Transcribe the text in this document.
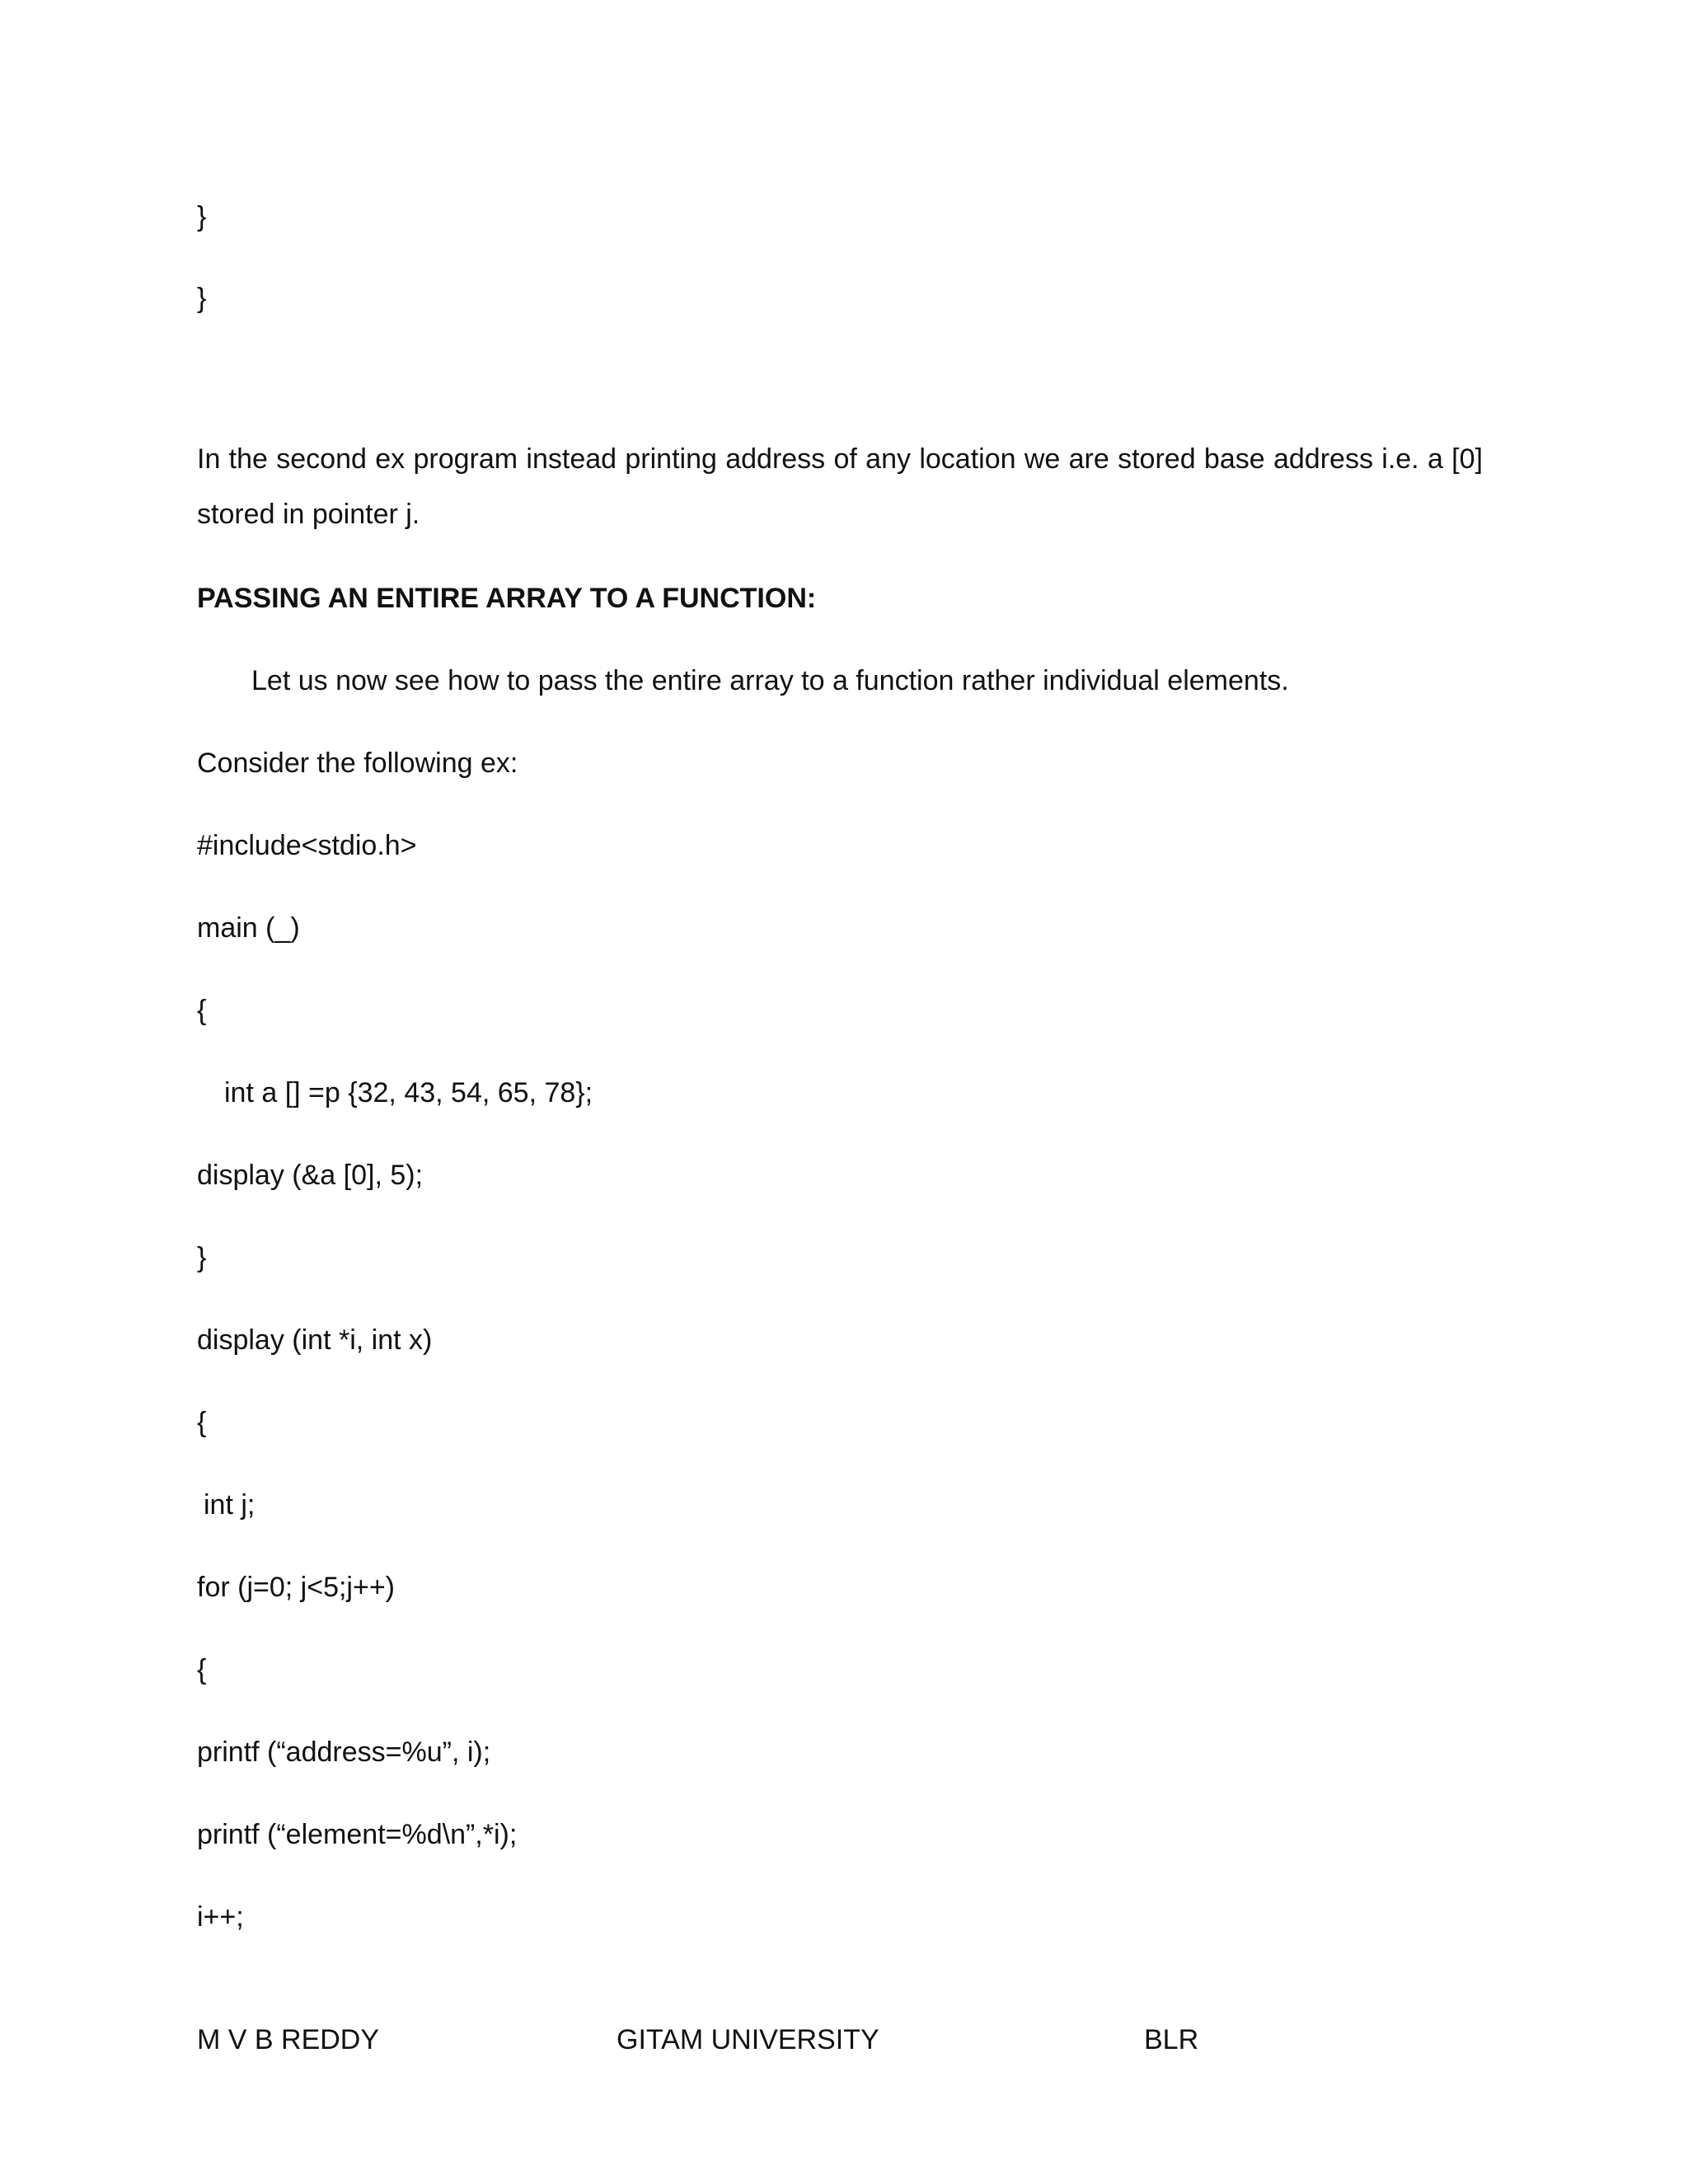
}

}

In the second ex program instead printing address of any location we are stored base address i.e. a [0] stored in pointer j.

PASSING AN ENTIRE ARRAY TO A FUNCTION:

Let us now see how to pass the entire array to a function rather individual elements.

Consider the following ex:

#include<stdio.h>

main (_)

{

int a [] =p {32, 43, 54, 65, 78};

display (&a [0], 5);

}

display (int *i, int x)

{

int j;

for (j=0; j<5;j++)

{

printf (“address=%u”, i);

printf (“element=%d\n”,*i);

i++;

M V B REDDY	GITAM UNIVERSITY	BLR
